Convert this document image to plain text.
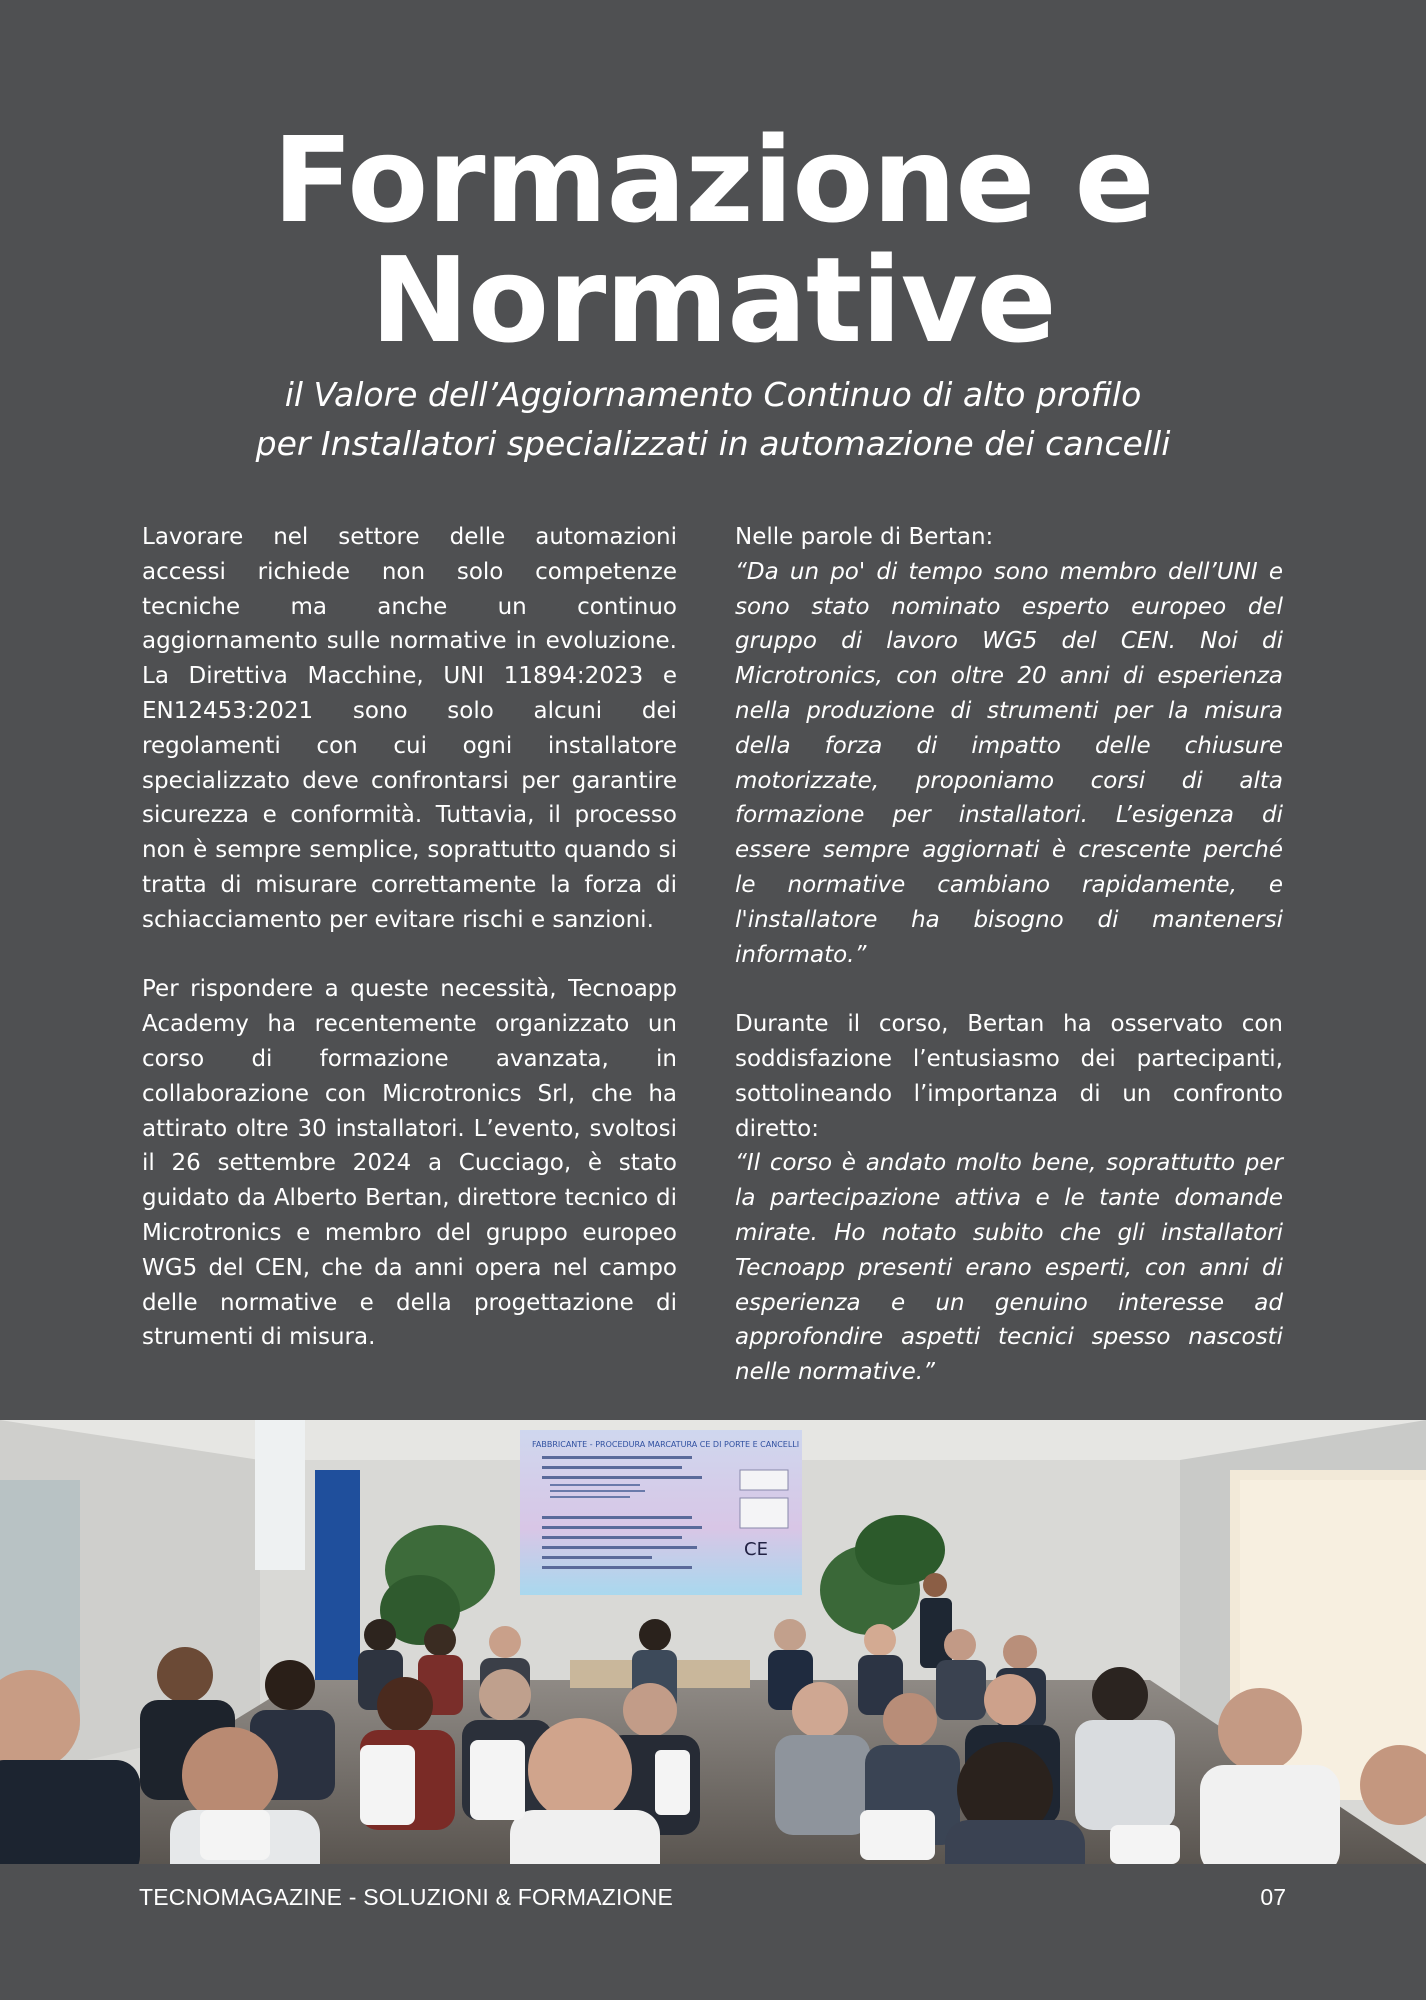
Formazione e
Normative
il Valore dell’Aggiornamento Continuo di alto profilo
per Installatori specializzati in automazione dei cancelli

Lavorare nel settore delle automazioni accessi richiede non solo competenze tecniche ma anche un continuo aggiornamento sulle normative in evoluzione. La Direttiva Macchine, UNI 11894:2023 e EN12453:2021 sono solo alcuni dei regolamenti con cui ogni installatore specializzato deve confrontarsi per garantire sicurezza e conformità. Tuttavia, il processo non è sempre semplice, soprattutto quando si tratta di misurare correttamente la forza di schiacciamento per evitare rischi e sanzioni.

Per rispondere a queste necessità, Tecnoapp Academy ha recentemente organizzato un corso di formazione avanzata, in collaborazione con Microtronics Srl, che ha attirato oltre 30 installatori. L’evento, svoltosi il 26 settembre 2024 a Cucciago, è stato guidato da Alberto Bertan, direttore tecnico di Microtronics e membro del gruppo europeo WG5 del CEN, che da anni opera nel campo delle normative e della progettazione di strumenti di misura.

Nelle parole di Bertan:

“Da un po' di tempo sono membro dell’UNI e sono stato nominato esperto europeo del gruppo di lavoro WG5 del CEN. Noi di Microtronics, con oltre 20 anni di esperienza nella produzione di strumenti per la misura della forza di impatto delle chiusure motorizzate, proponiamo corsi di alta formazione per installatori. L’esigenza di essere sempre aggiornati è crescente perché le normative cambiano rapidamente, e l'installatore ha bisogno di mantenersi informato.”

Durante il corso, Bertan ha osservato con soddisfazione l’entusiasmo dei partecipanti, sottolineando l’importanza di un confronto diretto:

“Il corso è andato molto bene, soprattutto per la partecipazione attiva e le tante domande mirate. Ho notato subito che gli installatori Tecnoapp presenti erano esperti, con anni di esperienza e un genuino interesse ad approfondire aspetti tecnici spesso nascosti nelle normative.”

FABBRICANTE - PROCEDURA MARCATURA CE DI PORTE E CANCELLI
CE
TECNOMAGAZINE - SOLUZIONI & FORMAZIONE	07
